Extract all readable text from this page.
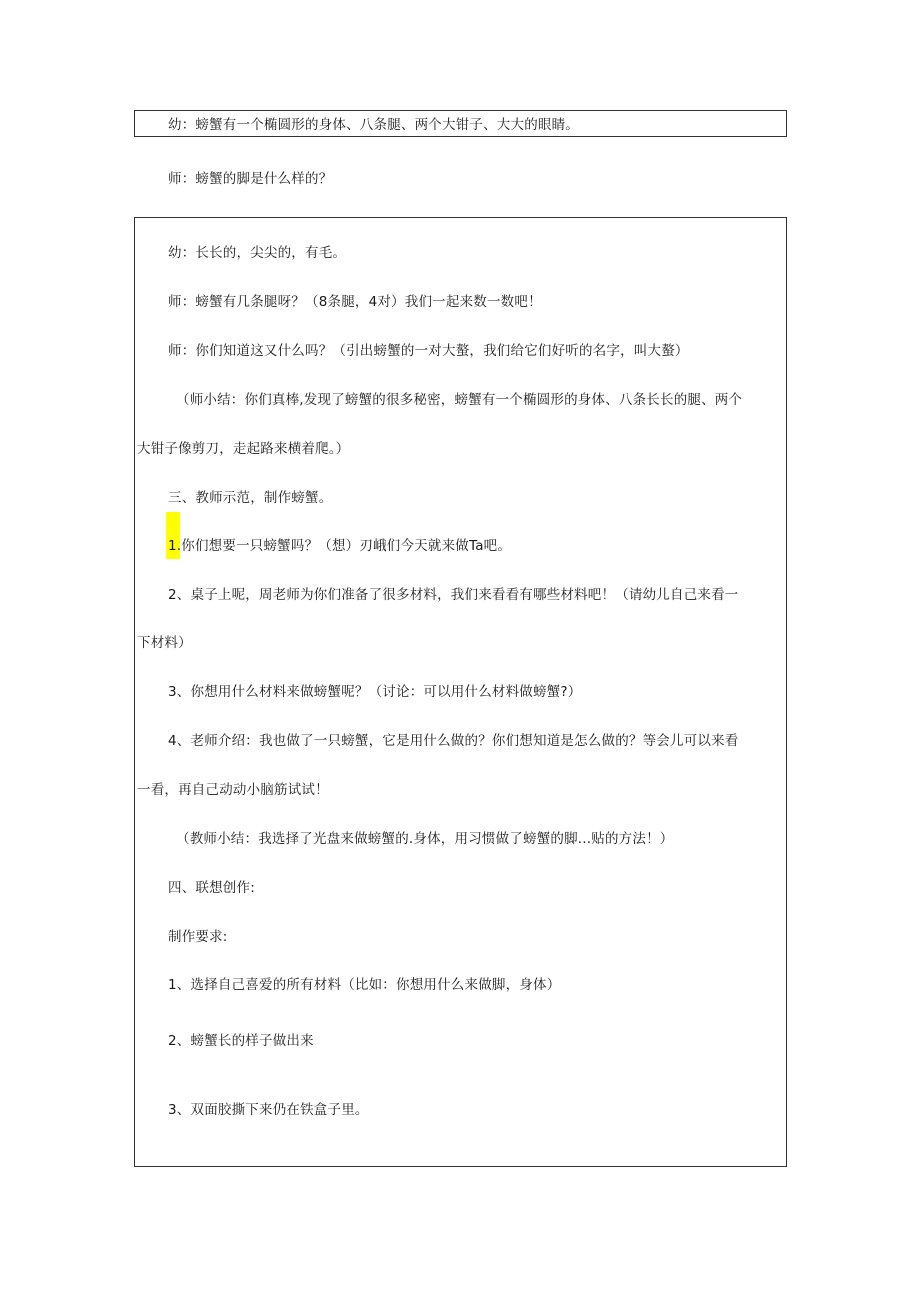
幼：螃蟹有一个椭圆形的身体、八条腿、两个大钳子、大大的眼睛。
师：螃蟹的脚是什么样的？
幼：长长的，尖尖的，有毛。
师：螃蟹有几条腿呀？（8条腿，4对）我们一起来数一数吧！
师：你们知道这又什么吗？（引出螃蟹的一对大螯，我们给它们好听的名字，叫大螯）
（师小结：你们真棒,发现了螃蟹的很多秘密，螃蟹有一个椭圆形的身体、八条长长的腿、两个
大钳子像剪刀，走起路来横着爬。）
三、教师示范，制作螃蟹。
1.你们想要一只螃蟹吗？（想）刃峨们今天就来做Ta吧。
2、桌子上呢，周老师为你们准备了很多材料，我们来看看有哪些材料吧！（请幼儿自己来看一
下材料）
3、你想用什么材料来做螃蟹呢？（讨论：可以用什么材料做螃蟹?）
4、老师介绍：我也做了一只螃蟹，它是用什么做的？你们想知道是怎么做的？等会儿可以来看
一看，再自己动动小脑筋试试！
（教师小结：我选择了光盘来做螃蟹的.身体，用习惯做了螃蟹的脚...贴的方法！）
四、联想创作:
制作要求:
1、选择自己喜爱的所有材料（比如：你想用什么来做脚，身体）
2、螃蟹长的样子做出来
3、双面胶撕下来仍在铁盒子里。
